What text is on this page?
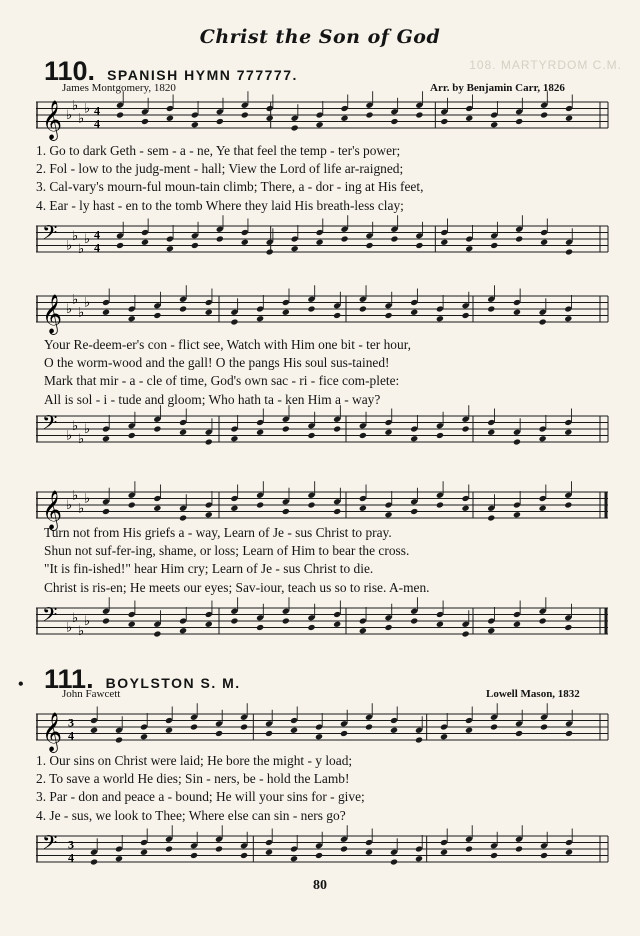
Christ the Son of God
108. MARTYRDOM C.M.
110. SPANISH HYMN 777777.
James Montgomery, 1820	Arr. by Benjamin Carr, 1826
𝄞 ♭
♭
♭
♭ 4
4
1. Go to dark Geth - sem - a - ne, Ye that feel the temp - ter's power;
2. Fol - low to the judg-ment - hall; View the Lord of life ar-raigned;
3. Cal-vary's mourn-ful moun-tain climb; There, a - dor - ing at His feet,
4. Ear - ly hast - en to the tomb Where they laid His breath-less clay;
𝄢 ♭
♭
♭
♭ 4
4
𝄞 ♭
♭
♭
♭
Your Re-deem-er's con - flict see, Watch with Him one bit - ter hour,
O the worm-wood and the gall! O the pangs His soul sus-tained!
Mark that mir - a - cle of time, God's own sac - ri - fice com-plete:
All is sol - i - tude and gloom; Who hath ta - ken Him a - way?
𝄢 ♭
♭
♭
♭
𝄞 ♭
♭
♭
♭
Turn not from His griefs a - way, Learn of Je - sus Christ to pray.
Shun not suf-fer-ing, shame, or loss; Learn of Him to bear the cross.
"It is fin-ished!" hear Him cry; Learn of Je - sus Christ to die.
Christ is ris-en; He meets our eyes; Sav-iour, teach us so to rise. A-men.
𝄢 ♭
♭
♭
♭
• 111. BOYLSTON S. M.
John Fawcett	Lowell Mason, 1832
𝄞 3
4
1. Our sins on Christ were laid; He bore the might - y load;
2. To save a world He dies; Sin - ners, be - hold the Lamb!
3. Par - don and peace a - bound; He will your sins for - give;
4. Je - sus, we look to Thee; Where else can sin - ners go?
𝄢 3
4
80
